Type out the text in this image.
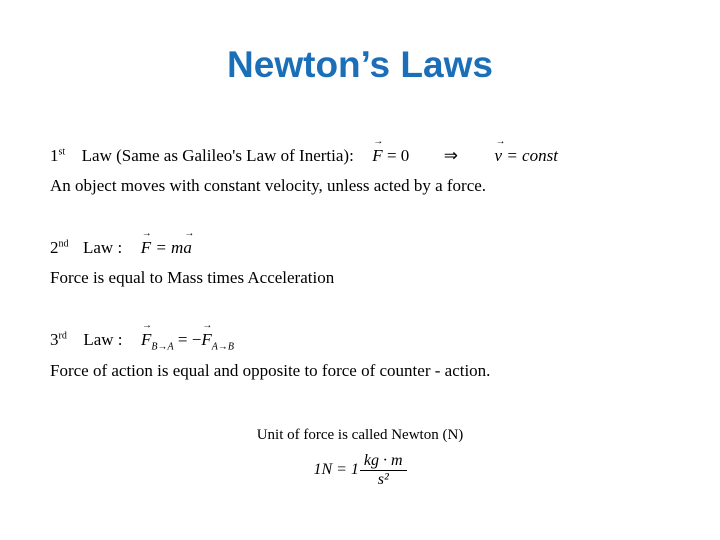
Newton’s Laws
1st Law (Same as Galileo's Law of Inertia): → F = 0 ⇒ → v = const
An object moves with constant velocity, unless acted by a force.
2nd Law : → F = m→ a
Force is equal to Mass times Acceleration
3rd Law : → $F_{B\to A}$ = −→ $F_{A\to B}$
Force of action is equal and opposite to force of counter - action.
Unit of force is called Newton (N)
$1N = 1 \frac{kg \cdot m}{\text{s²}}$
